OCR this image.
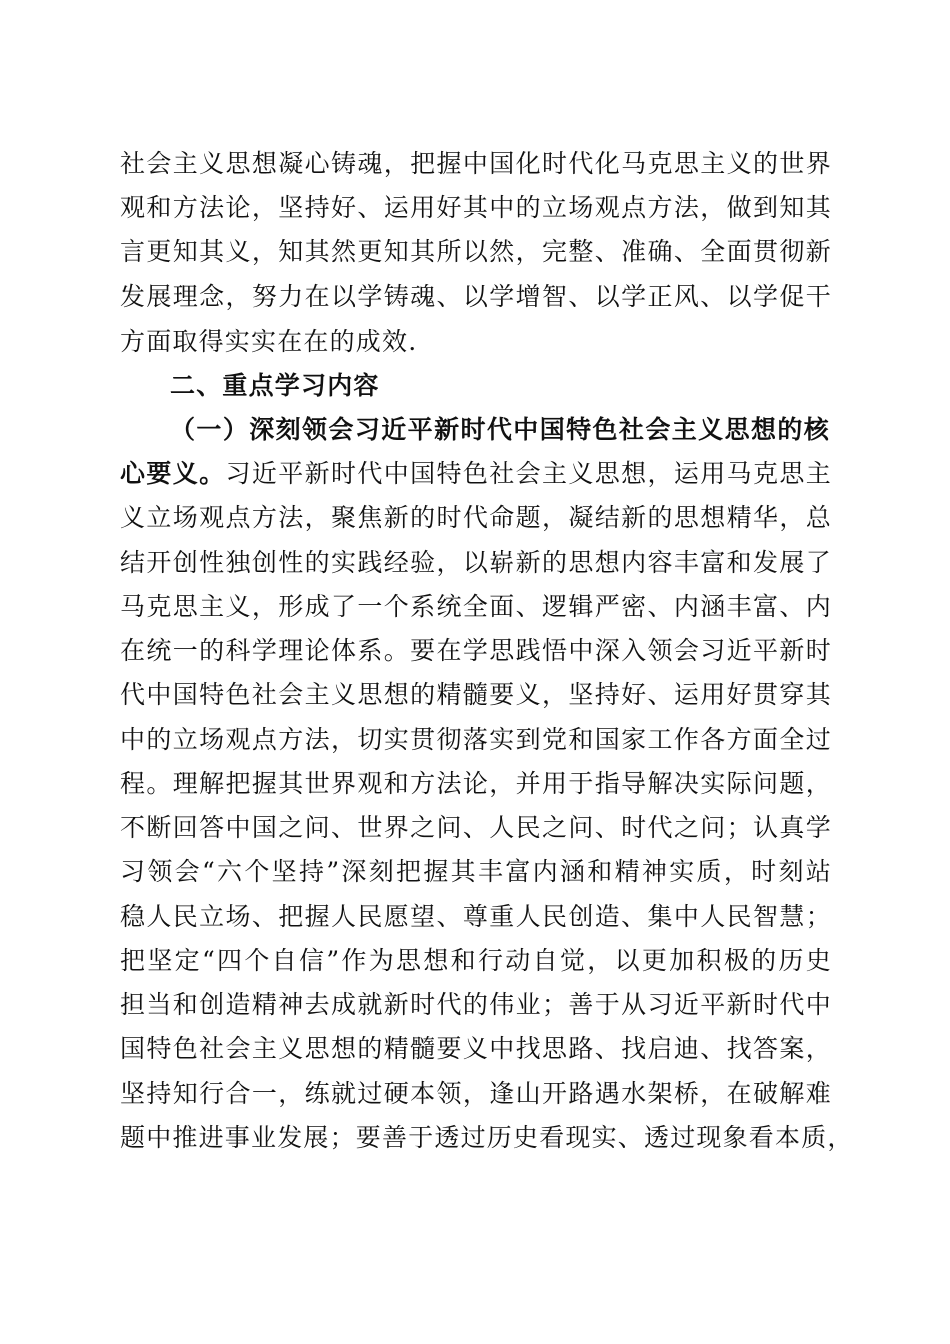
社会主义思想凝心铸魂，把握中国化时代化马克思主义的世界
观和方法论，坚持好、运用好其中的立场观点方法，做到知其
言更知其义，知其然更知其所以然，完整、准确、全面贯彻新
发展理念，努力在以学铸魂、以学增智、以学正风、以学促干
方面取得实实在在的成效.
二、重点学习内容
（一）深刻领会习近平新时代中国特色社会主义思想的核
心要义。习近平新时代中国特色社会主义思想，运用马克思主
义立场观点方法，聚焦新的时代命题，凝结新的思想精华，总
结开创性独创性的实践经验，以崭新的思想内容丰富和发展了
马克思主义，形成了一个系统全面、逻辑严密、内涵丰富、内
在统一的科学理论体系。要在学思践悟中深入领会习近平新时
代中国特色社会主义思想的精髓要义，坚持好、运用好贯穿其
中的立场观点方法，切实贯彻落实到党和国家工作各方面全过
程。理解把握其世界观和方法论，并用于指导解决实际问题，
不断回答中国之问、世界之问、人民之问、时代之问；认真学
习领会“六个坚持”深刻把握其丰富内涵和精神实质，时刻站
稳人民立场、把握人民愿望、尊重人民创造、集中人民智慧；
把坚定“四个自信”作为思想和行动自觉，以更加积极的历史
担当和创造精神去成就新时代的伟业；善于从习近平新时代中
国特色社会主义思想的精髓要义中找思路、找启迪、找答案，
坚持知行合一，练就过硬本领，逢山开路遇水架桥，在破解难
题中推进事业发展；要善于透过历史看现实、透过现象看本质，
